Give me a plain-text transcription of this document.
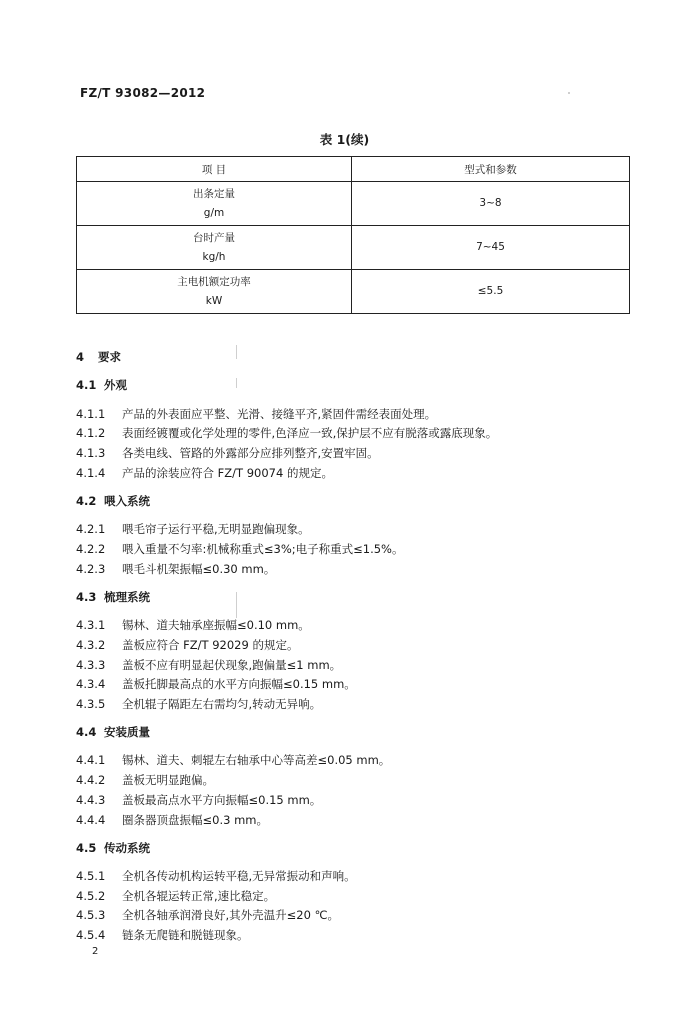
FZ/T 93082—2012
表 1(续)
项 目	型式和参数

出条定量
g/m	3~8

台时产量
kg/h	7~45

主电机额定功率
kW	≤5.5
4 要求
4.1 外观
4.1.1 产品的外表面应平整、光滑、接缝平齐,紧固件需经表面处理。
4.1.2 表面经镀覆或化学处理的零件,色泽应一致,保护层不应有脱落或露底现象。
4.1.3 各类电线、管路的外露部分应排列整齐,安置牢固。
4.1.4 产品的涂装应符合 FZ/T 90074 的规定。
4.2 喂入系统
4.2.1 喂毛帘子运行平稳,无明显跑偏现象。
4.2.2 喂入重量不匀率:机械称重式≤3%;电子称重式≤1.5%。
4.2.3 喂毛斗机架振幅≤0.30 mm。
4.3 梳理系统
4.3.1 锡林、道夫轴承座振幅≤0.10 mm。
4.3.2 盖板应符合 FZ/T 92029 的规定。
4.3.3 盖板不应有明显起伏现象,跑偏量≤1 mm。
4.3.4 盖板托脚最高点的水平方向振幅≤0.15 mm。
4.3.5 全机辊子隔距左右需均匀,转动无异响。
4.4 安装质量
4.4.1 锡林、道夫、刺辊左右轴承中心等高差≤0.05 mm。
4.4.2 盖板无明显跑偏。
4.4.3 盖板最高点水平方向振幅≤0.15 mm。
4.4.4 圈条器顶盘振幅≤0.3 mm。
4.5 传动系统
4.5.1 全机各传动机构运转平稳,无异常振动和声响。
4.5.2 全机各辊运转正常,速比稳定。
4.5.3 全机各轴承润滑良好,其外壳温升≤20 ℃。
4.5.4 链条无爬链和脱链现象。
2
